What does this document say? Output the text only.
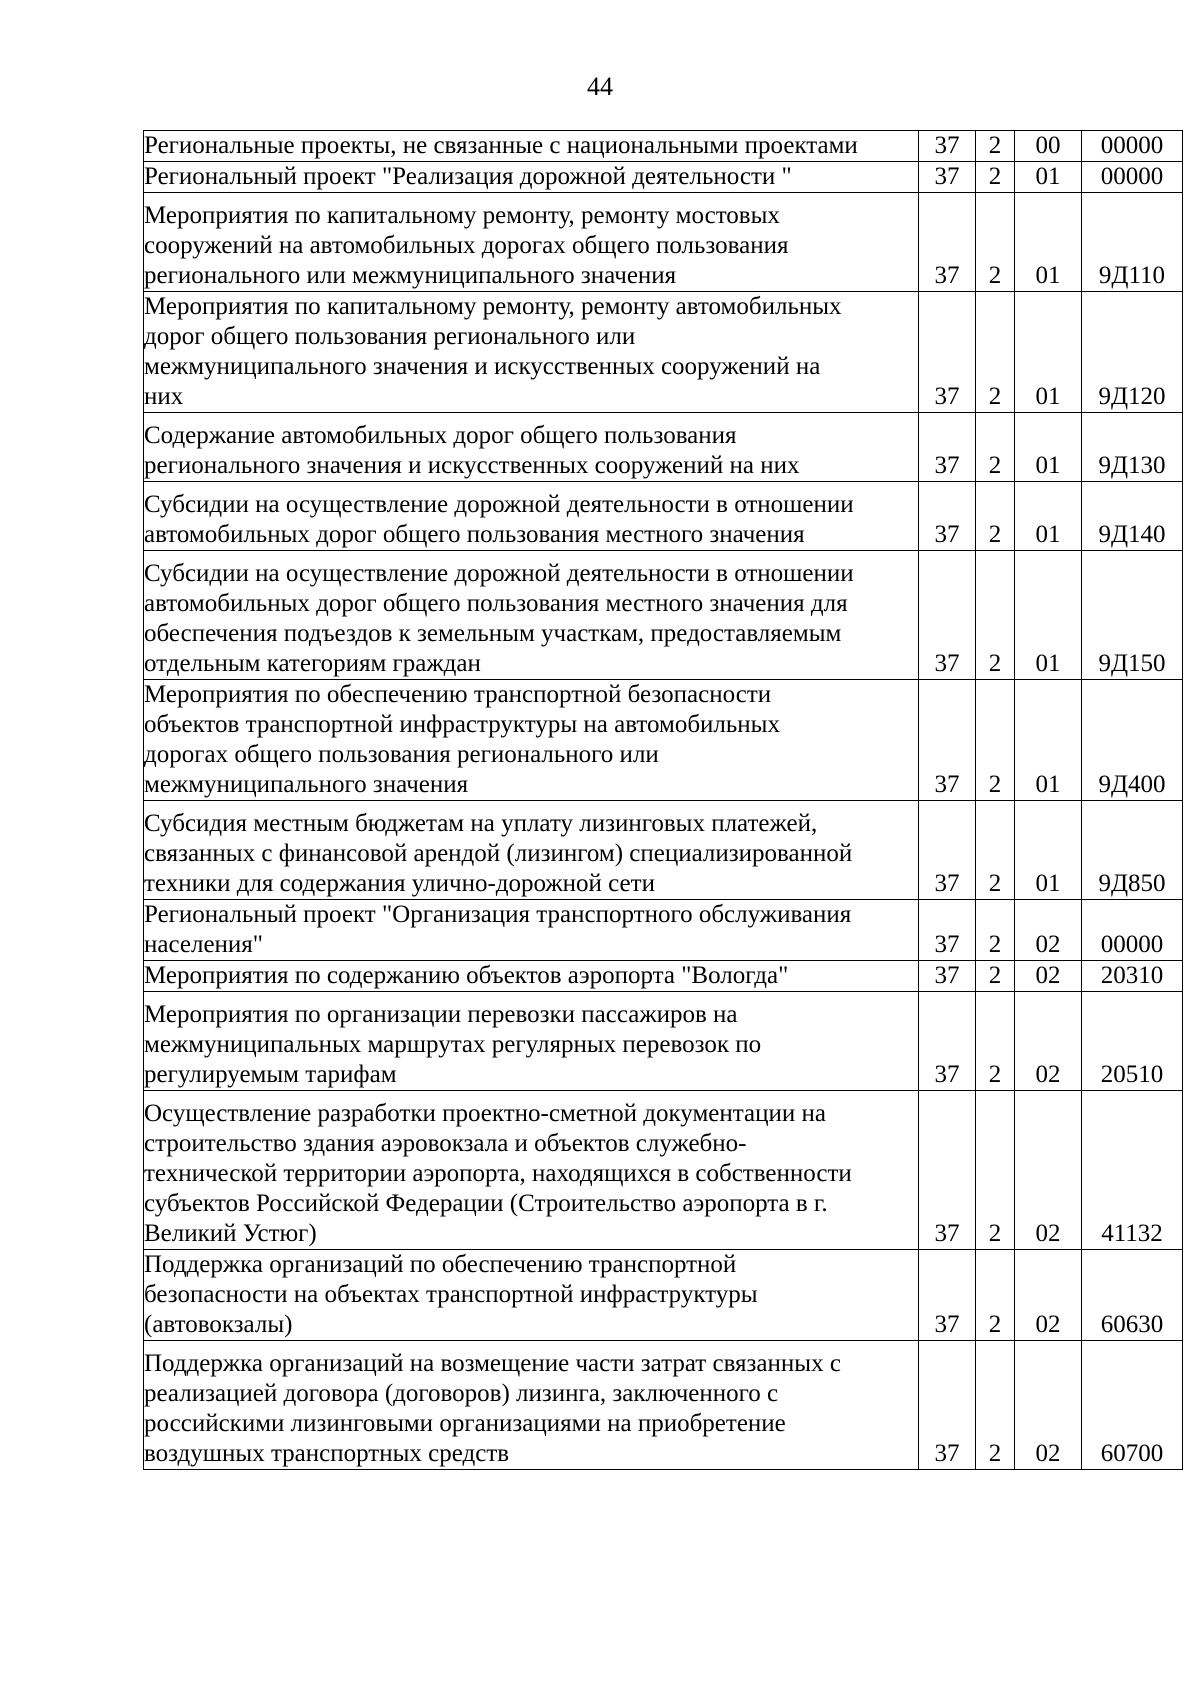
44
Региональные проекты, не связанные с национальными проектами	37	2	00	00000

Региональный проект "Реализация дорожной деятельности "	37	2	01	00000

Мероприятия по капитальному ремонту, ремонту мостовых
сооружений на автомобильных дорогах общего пользования
регионального или межмуниципального значения	37	2	01	9Д110

Мероприятия по капитальному ремонту, ремонту автомобильных
дорог общего пользования регионального или
межмуниципального значения и искусственных сооружений на
них	37	2	01	9Д120

Содержание автомобильных дорог общего пользования
регионального значения и искусственных сооружений на них	37	2	01	9Д130

Субсидии на осуществление дорожной деятельности в отношении
автомобильных дорог общего пользования местного значения	37	2	01	9Д140

Субсидии на осуществление дорожной деятельности в отношении
автомобильных дорог общего пользования местного значения для
обеспечения подъездов к земельным участкам, предоставляемым
отдельным категориям граждан	37	2	01	9Д150

Мероприятия по обеспечению транспортной безопасности
объектов транспортной инфраструктуры на автомобильных
дорогах общего пользования регионального или
межмуниципального значения	37	2	01	9Д400

Субсидия местным бюджетам на уплату лизинговых платежей,
связанных с финансовой арендой (лизингом) специализированной
техники для содержания улично-дорожной сети	37	2	01	9Д850

Региональный проект "Организация транспортного обслуживания
населения"	37	2	02	00000

Мероприятия по содержанию объектов аэропорта "Вологда"	37	2	02	20310

Мероприятия по организации перевозки пассажиров на
межмуниципальных маршрутах регулярных перевозок по
регулируемым тарифам	37	2	02	20510

Осуществление разработки проектно-сметной документации на
строительство здания аэровокзала и объектов служебно-
технической территории аэропорта, находящихся в собственности
субъектов Российской Федерации (Строительство аэропорта в г.
Великий Устюг)	37	2	02	41132

Поддержка организаций по обеспечению транспортной
безопасности на объектах транспортной инфраструктуры
(автовокзалы)	37	2	02	60630

Поддержка организаций на возмещение части затрат связанных с
реализацией договора (договоров) лизинга, заключенного с
российскими лизинговыми организациями на приобретение
воздушных транспортных средств	37	2	02	60700
